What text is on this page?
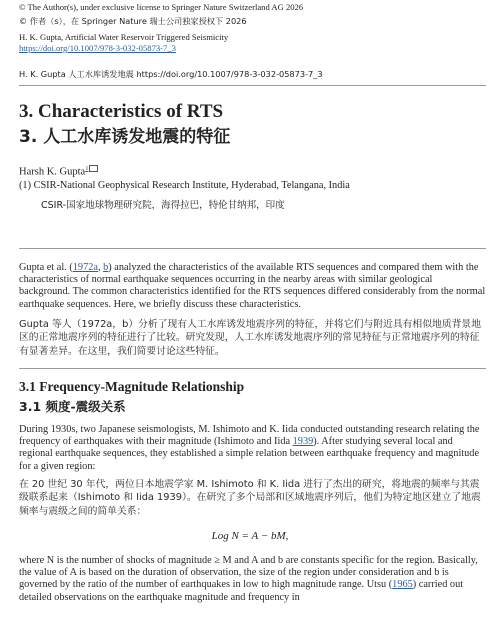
© The Author(s), under exclusive license to Springer Nature Switzerland AG 2026
© 作者（s），在 Springer Nature 瑞士公司独家授权下 2026
H. K. Gupta, Artificial Water Reservoir Triggered Seismicity
https://doi.org/10.1007/978-3-032-05873-7_3
H. K. Gupta 人工水库诱发地震 https://doi.org/10.1007/978-3-032-05873-7_3
3. Characteristics of RTS
3. 人工水库诱发地震的特征
Harsh K. Gupta$^1$
(1) CSIR-National Geophysical Research Institute, Hyderabad, Telangana, India
CSIR-国家地球物理研究院，海得拉巴，特伦甘纳邦，印度
Gupta et al. (1972a, b) analyzed the characteristics of the available RTS sequences and compared them with the characteristics of normal earthquake sequences occurring in the nearby areas with similar geological background. The common characteristics identified for the RTS sequences differed considerably from the normal earthquake sequences. Here, we briefly discuss these characteristics.
Gupta 等人（1972a，b）分析了现有人工水库诱发地震序列的特征，并将它们与附近具有相似地质背景地区的正常地震序列的特征进行了比较。研究发现，人工水库诱发地震序列的常见特征与正常地震序列的特征有显著差异。在这里，我们简要讨论这些特征。
3.1 Frequency-Magnitude Relationship
3.1 频度-震级关系
During 1930s, two Japanese seismologists, M. Ishimoto and K. Iida conducted outstanding research relating the frequency of earthquakes with their magnitude (Ishimoto and Iida 1939). After studying several local and regional earthquake sequences, they established a simple relation between earthquake frequency and magnitude for a given region:
在 20 世纪 30 年代，两位日本地震学家 M. Ishimoto 和 K. Iida 进行了杰出的研究，将地震的频率与其震级联系起来（Ishimoto 和 Iida 1939）。在研究了多个局部和区域地震序列后，他们为特定地区建立了地震频率与震级之间的简单关系：
Log N = A − bM,
where N is the number of shocks of magnitude ≥ M and A and b are constants specific for the region. Basically, the value of A is based on the duration of observation, the size of the region under consideration and b is governed by the ratio of the number of earthquakes in low to high magnitude range. Utsu (1965) carried out detailed observations on the earthquake magnitude and frequency in
